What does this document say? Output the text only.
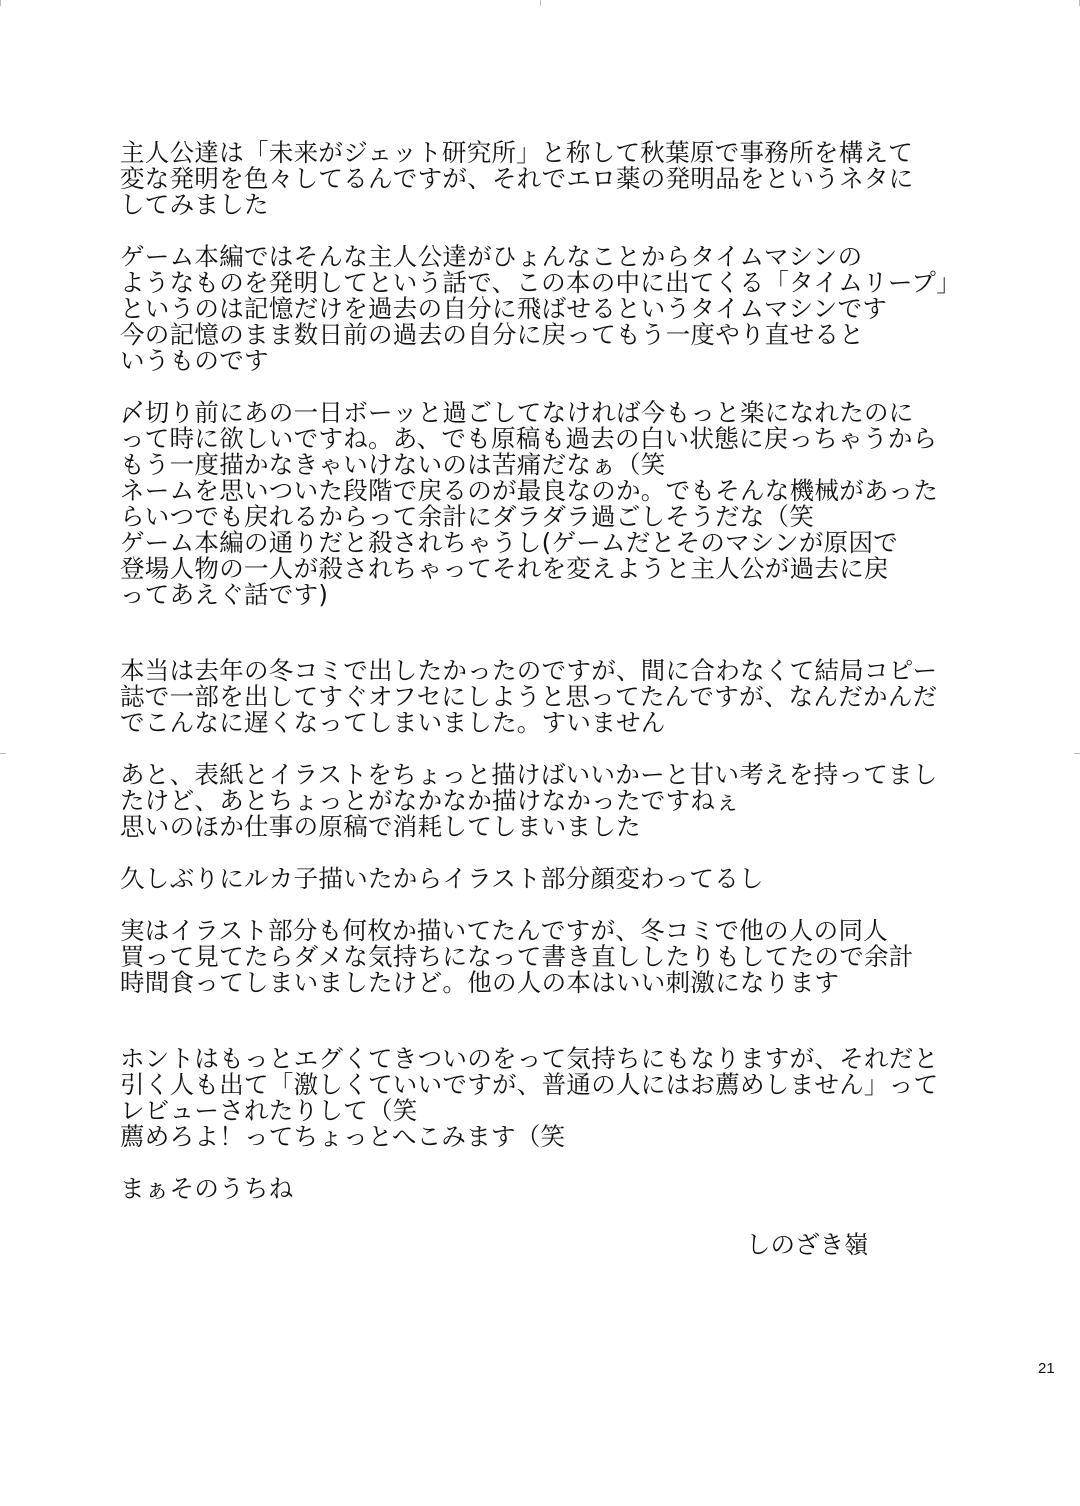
主人公達は「未来がジェット研究所」と称して秋葉原で事務所を構えて
変な発明を色々してるんですが、それでエロ薬の発明品をというネタに
してみました
ゲーム本編ではそんな主人公達がひょんなことからタイムマシンの
ようなものを発明してという話で、この本の中に出てくる「タイムリープ」
というのは記憶だけを過去の自分に飛ばせるというタイムマシンです
今の記憶のまま数日前の過去の自分に戻ってもう一度やり直せると
いうものです
〆切り前にあの一日ボーッと過ごしてなければ今もっと楽になれたのに
って時に欲しいですね。あ、でも原稿も過去の白い状態に戻っちゃうから
もう一度描かなきゃいけないのは苦痛だなぁ（笑
ネームを思いついた段階で戻るのが最良なのか。でもそんな機械があった
らいつでも戻れるからって余計にダラダラ過ごしそうだな（笑
ゲーム本編の通りだと殺されちゃうし(ゲームだとそのマシンが原因で
登場人物の一人が殺されちゃってそれを変えようと主人公が過去に戻
ってあえぐ話です)
本当は去年の冬コミで出したかったのですが、間に合わなくて結局コピー
誌で一部を出してすぐオフセにしようと思ってたんですが、なんだかんだ
でこんなに遅くなってしまいました。すいません
あと、表紙とイラストをちょっと描けばいいかーと甘い考えを持ってまし
たけど、あとちょっとがなかなか描けなかったですねぇ
思いのほか仕事の原稿で消耗してしまいました
久しぶりにルカ子描いたからイラスト部分顔変わってるし
実はイラスト部分も何枚か描いてたんですが、冬コミで他の人の同人
買って見てたらダメな気持ちになって書き直ししたりもしてたので余計
時間食ってしまいましたけど。他の人の本はいい刺激になります
ホントはもっとエグくてきついのをって気持ちにもなりますが、それだと
引く人も出て「激しくていいですが、普通の人にはお薦めしません」って
レビューされたりして（笑
薦めろよ！ってちょっとへこみます（笑
まぁそのうちね
しのざき嶺
21
